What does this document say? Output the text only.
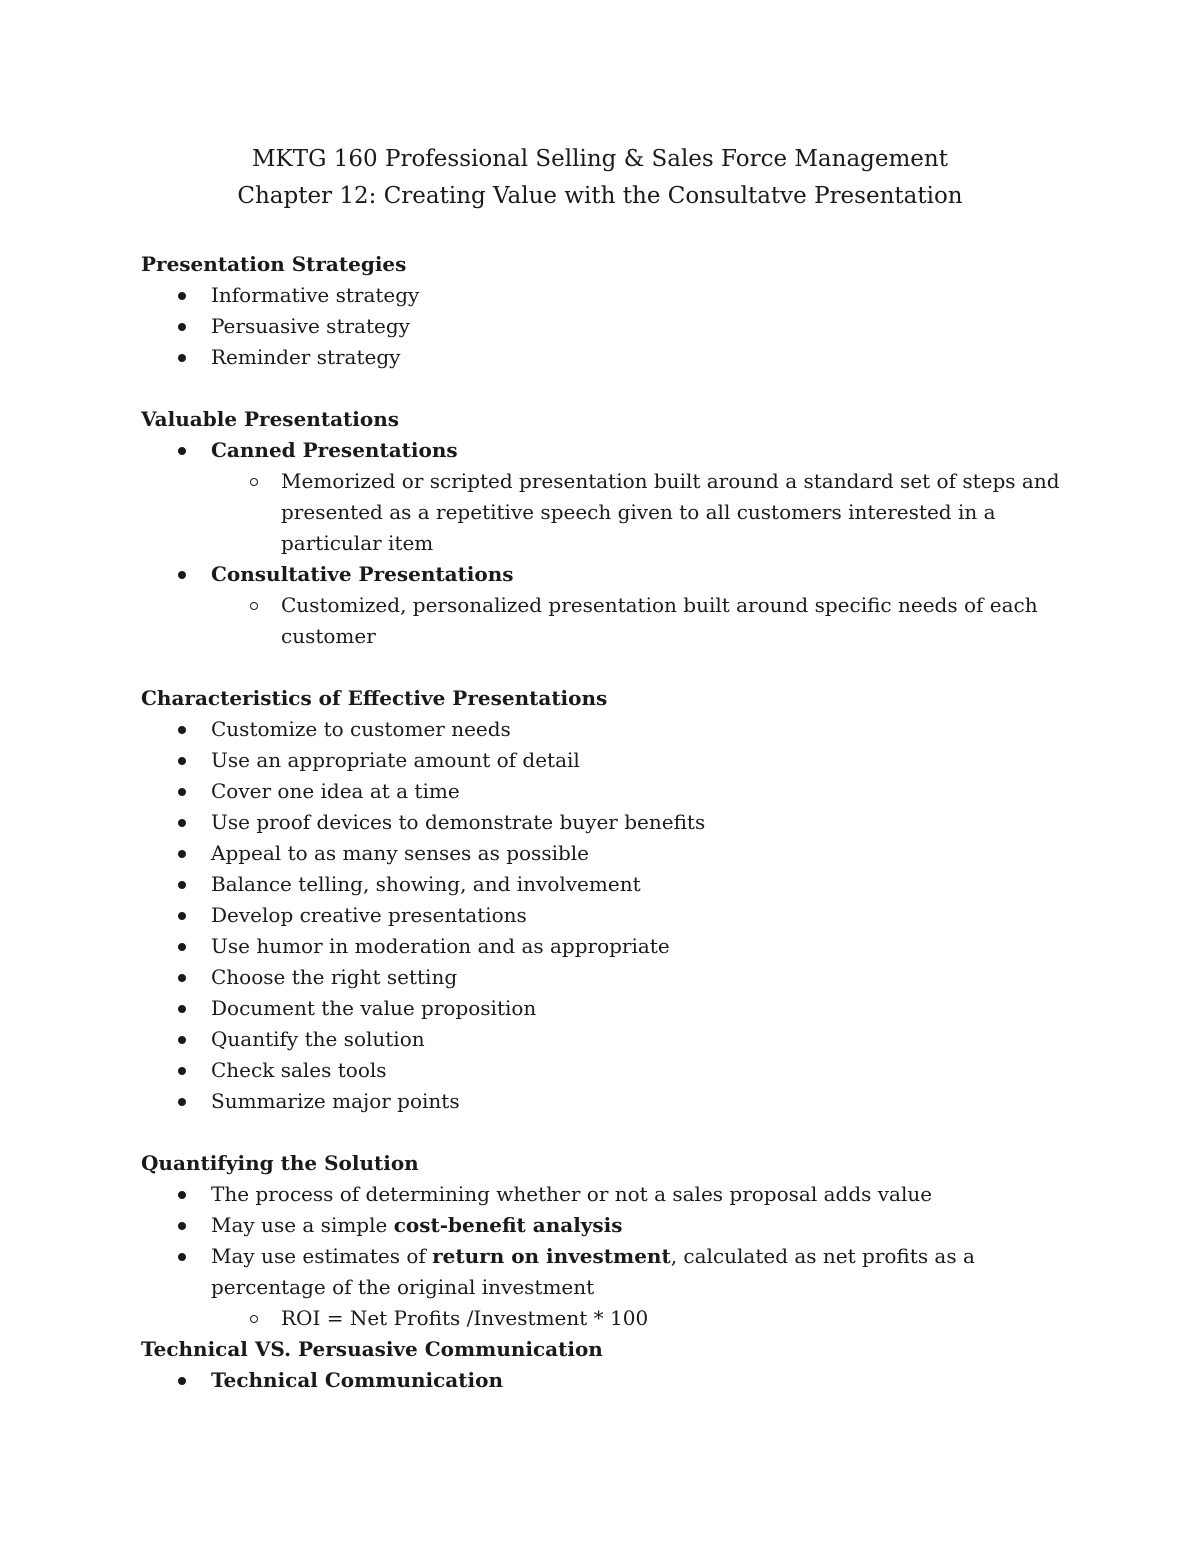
MKTG 160 Professional Selling & Sales Force Management
Chapter 12: Creating Value with the Consultatve Presentation
Presentation Strategies
Informative strategy
Persuasive strategy
Reminder strategy
Valuable Presentations
Canned Presentations
Memorized or scripted presentation built around a standard set of steps and presented as a repetitive speech given to all customers interested in a particular item
Consultative Presentations
Customized, personalized presentation built around specific needs of each customer
Characteristics of Effective Presentations
Customize to customer needs
Use an appropriate amount of detail
Cover one idea at a time
Use proof devices to demonstrate buyer benefits
Appeal to as many senses as possible
Balance telling, showing, and involvement
Develop creative presentations
Use humor in moderation and as appropriate
Choose the right setting
Document the value proposition
Quantify the solution
Check sales tools
Summarize major points
Quantifying the Solution
The process of determining whether or not a sales proposal adds value
May use a simple cost-benefit analysis
May use estimates of return on investment, calculated as net profits as a percentage of the original investment
ROI = Net Profits /Investment * 100
Technical VS. Persuasive Communication
Technical Communication
